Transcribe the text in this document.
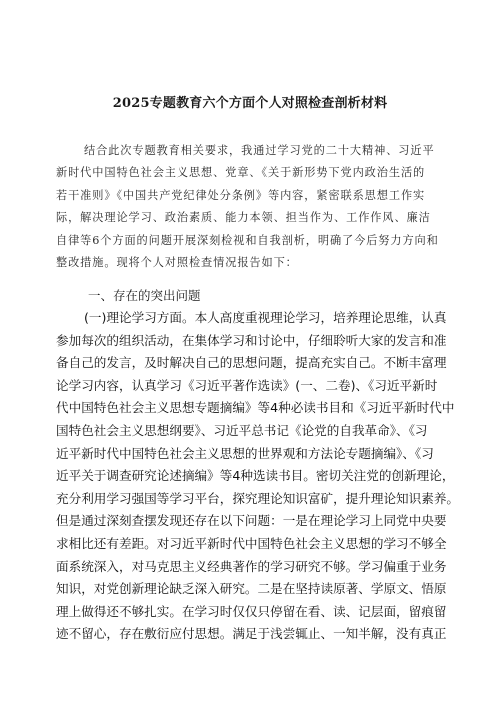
2025专题教育六个方面个人对照检查剖析材料
结合此次专题教育相关要求，我通过学习党的二十大精神、习近平
新时代中国特色社会主义思想、党章、《关于新形势下党内政治生活的
若干准则》《中国共产党纪律处分条例》等内容，紧密联系思想工作实
际，解决理论学习、政治素质、能力本领、担当作为、工作作风、廉洁
自律等6个方面的问题开展深刻检视和自我剖析，明确了今后努力方向和
整改措施。现将个人对照检查情况报告如下：
一、存在的突出问题
(一)理论学习方面。本人高度重视理论学习，培养理论思维，认真
参加每次的组织活动，在集体学习和讨论中，仔细聆听大家的发言和准
备自己的发言，及时解决自己的思想问题，提高充实自己。不断丰富理
论学习内容，认真学习《习近平著作选读》(一、二卷)、《习近平新时
代中国特色社会主义思想专题摘编》等4种必读书目和《习近平新时代中
国特色社会主义思想纲要》、习近平总书记《论党的自我革命》、《习
近平新时代中国特色社会主义思想的世界观和方法论专题摘编》、《习
近平关于调查研究论述摘编》等4种选读书目。密切关注党的创新理论，
充分利用学习强国等学习平台，探究理论知识富矿，提升理论知识素养。
但是通过深刻查摆发现还存在以下问题：一是在理论学习上同党中央要
求相比还有差距。对习近平新时代中国特色社会主义思想的学习不够全
面系统深入，对马克思主义经典著作的学习研究不够。学习偏重于业务
知识，对党创新理论缺乏深入研究。二是在坚持读原著、学原文、悟原
理上做得还不够扎实。在学习时仅仅只停留在看、读、记层面，留痕留
迹不留心，存在敷衍应付思想。满足于浅尝辄止、一知半解，没有真正
